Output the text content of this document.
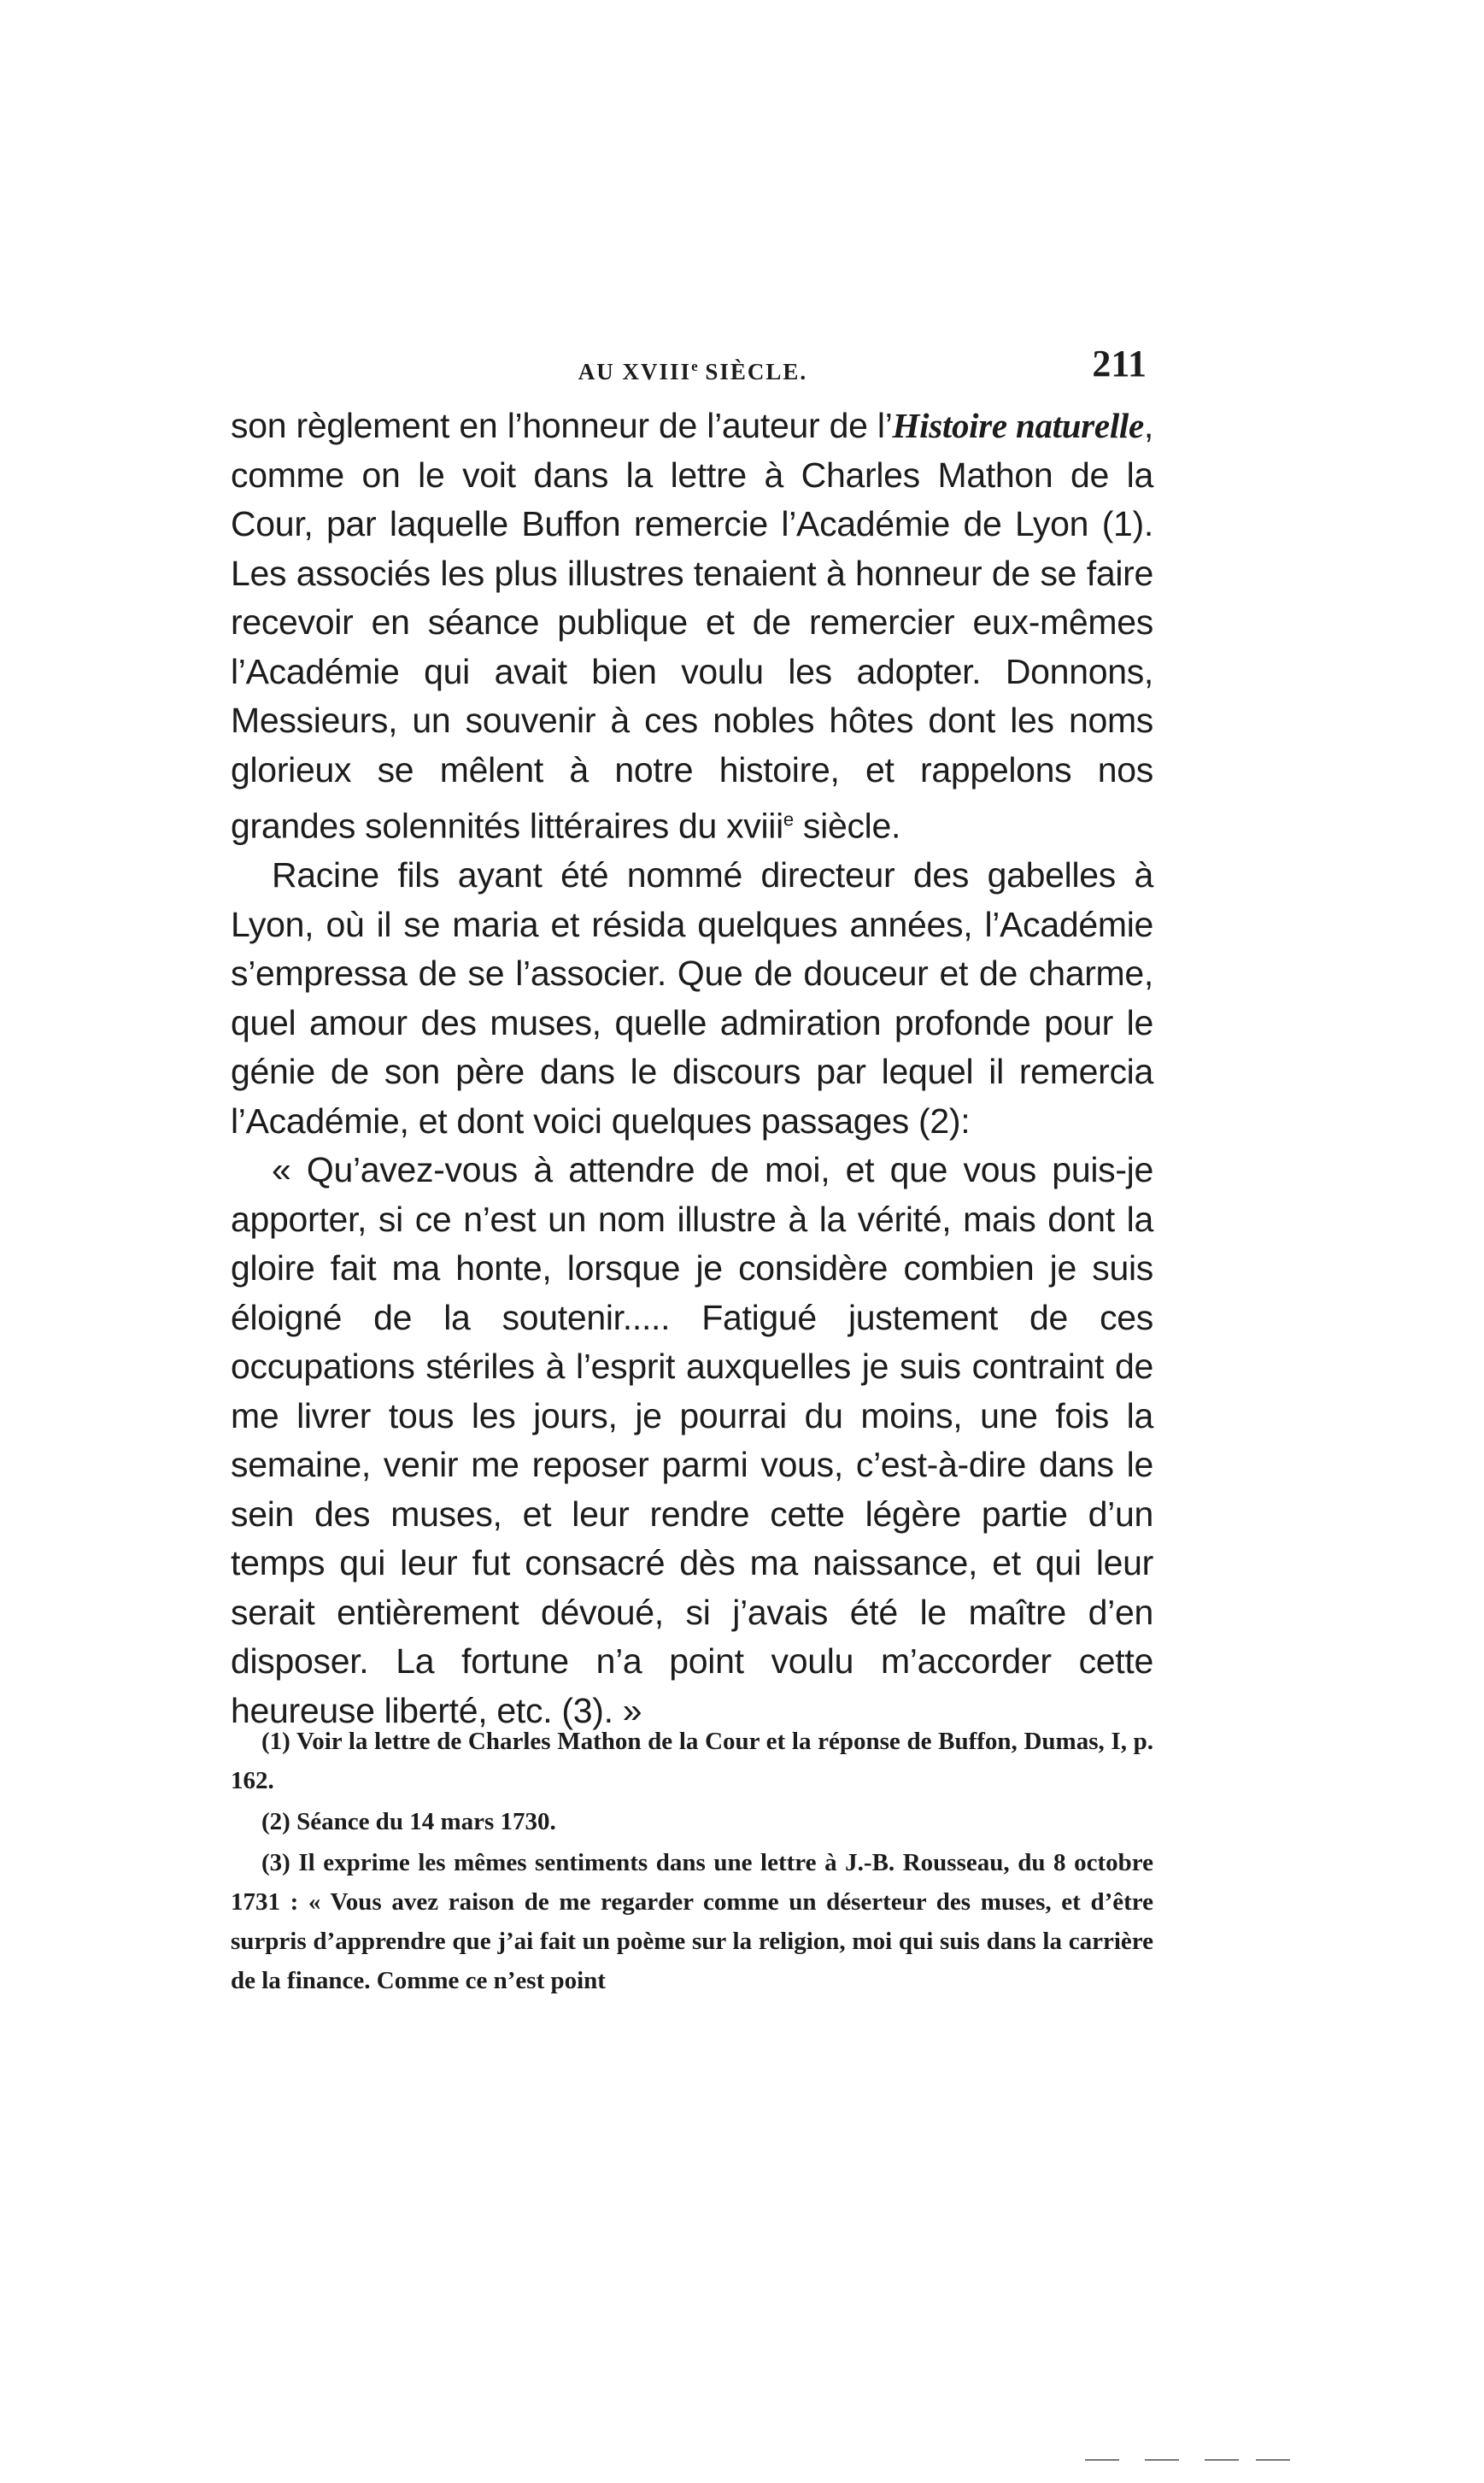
AU XVIIIe SIÈCLE.	211

son règlement en l’honneur de l’auteur de l’Histoire naturelle, comme on le voit dans la lettre à Charles Mathon de la Cour, par laquelle Buffon remercie l’Académie de Lyon (1). Les associés les plus illustres tenaient à honneur de se faire recevoir en séance publique et de remercier eux-mêmes l’Académie qui avait bien voulu les adopter. Donnons, Messieurs, un souvenir à ces nobles hôtes dont les noms glorieux se mêlent à notre histoire, et rappelons nos grandes solennités littéraires du xviii$^e$ siècle.

Racine fils ayant été nommé directeur des gabelles à Lyon, où il se maria et résida quelques années, l’Académie s’empressa de se l’associer. Que de douceur et de charme, quel amour des muses, quelle admiration profonde pour le génie de son père dans le discours par lequel il remercia l’Académie, et dont voici quelques passages (2):

« Qu’avez-vous à attendre de moi, et que vous puis-je apporter, si ce n’est un nom illustre à la vérité, mais dont la gloire fait ma honte, lorsque je considère combien je suis éloigné de la soutenir..... Fatigué justement de ces occupations stériles à l’esprit auxquelles je suis contraint de me livrer tous les jours, je pourrai du moins, une fois la semaine, venir me reposer parmi vous, c’est-à-dire dans le sein des muses, et leur rendre cette légère partie d’un temps qui leur fut consacré dès ma naissance, et qui leur serait entièrement dévoué, si j’avais été le maître d’en disposer. La fortune n’a point voulu m’accorder cette heureuse liberté, etc. (3). »

(1) Voir la lettre de Charles Mathon de la Cour et la réponse de Buffon, Dumas, I, p. 162.

(2) Séance du 14 mars 1730.

(3) Il exprime les mêmes sentiments dans une lettre à J.-B. Rousseau, du 8 octobre 1731 : « Vous avez raison de me regarder comme un déserteur des muses, et d’être surpris d’apprendre que j’ai fait un poème sur la religion, moi qui suis dans la carrière de la finance. Comme ce n’est point
